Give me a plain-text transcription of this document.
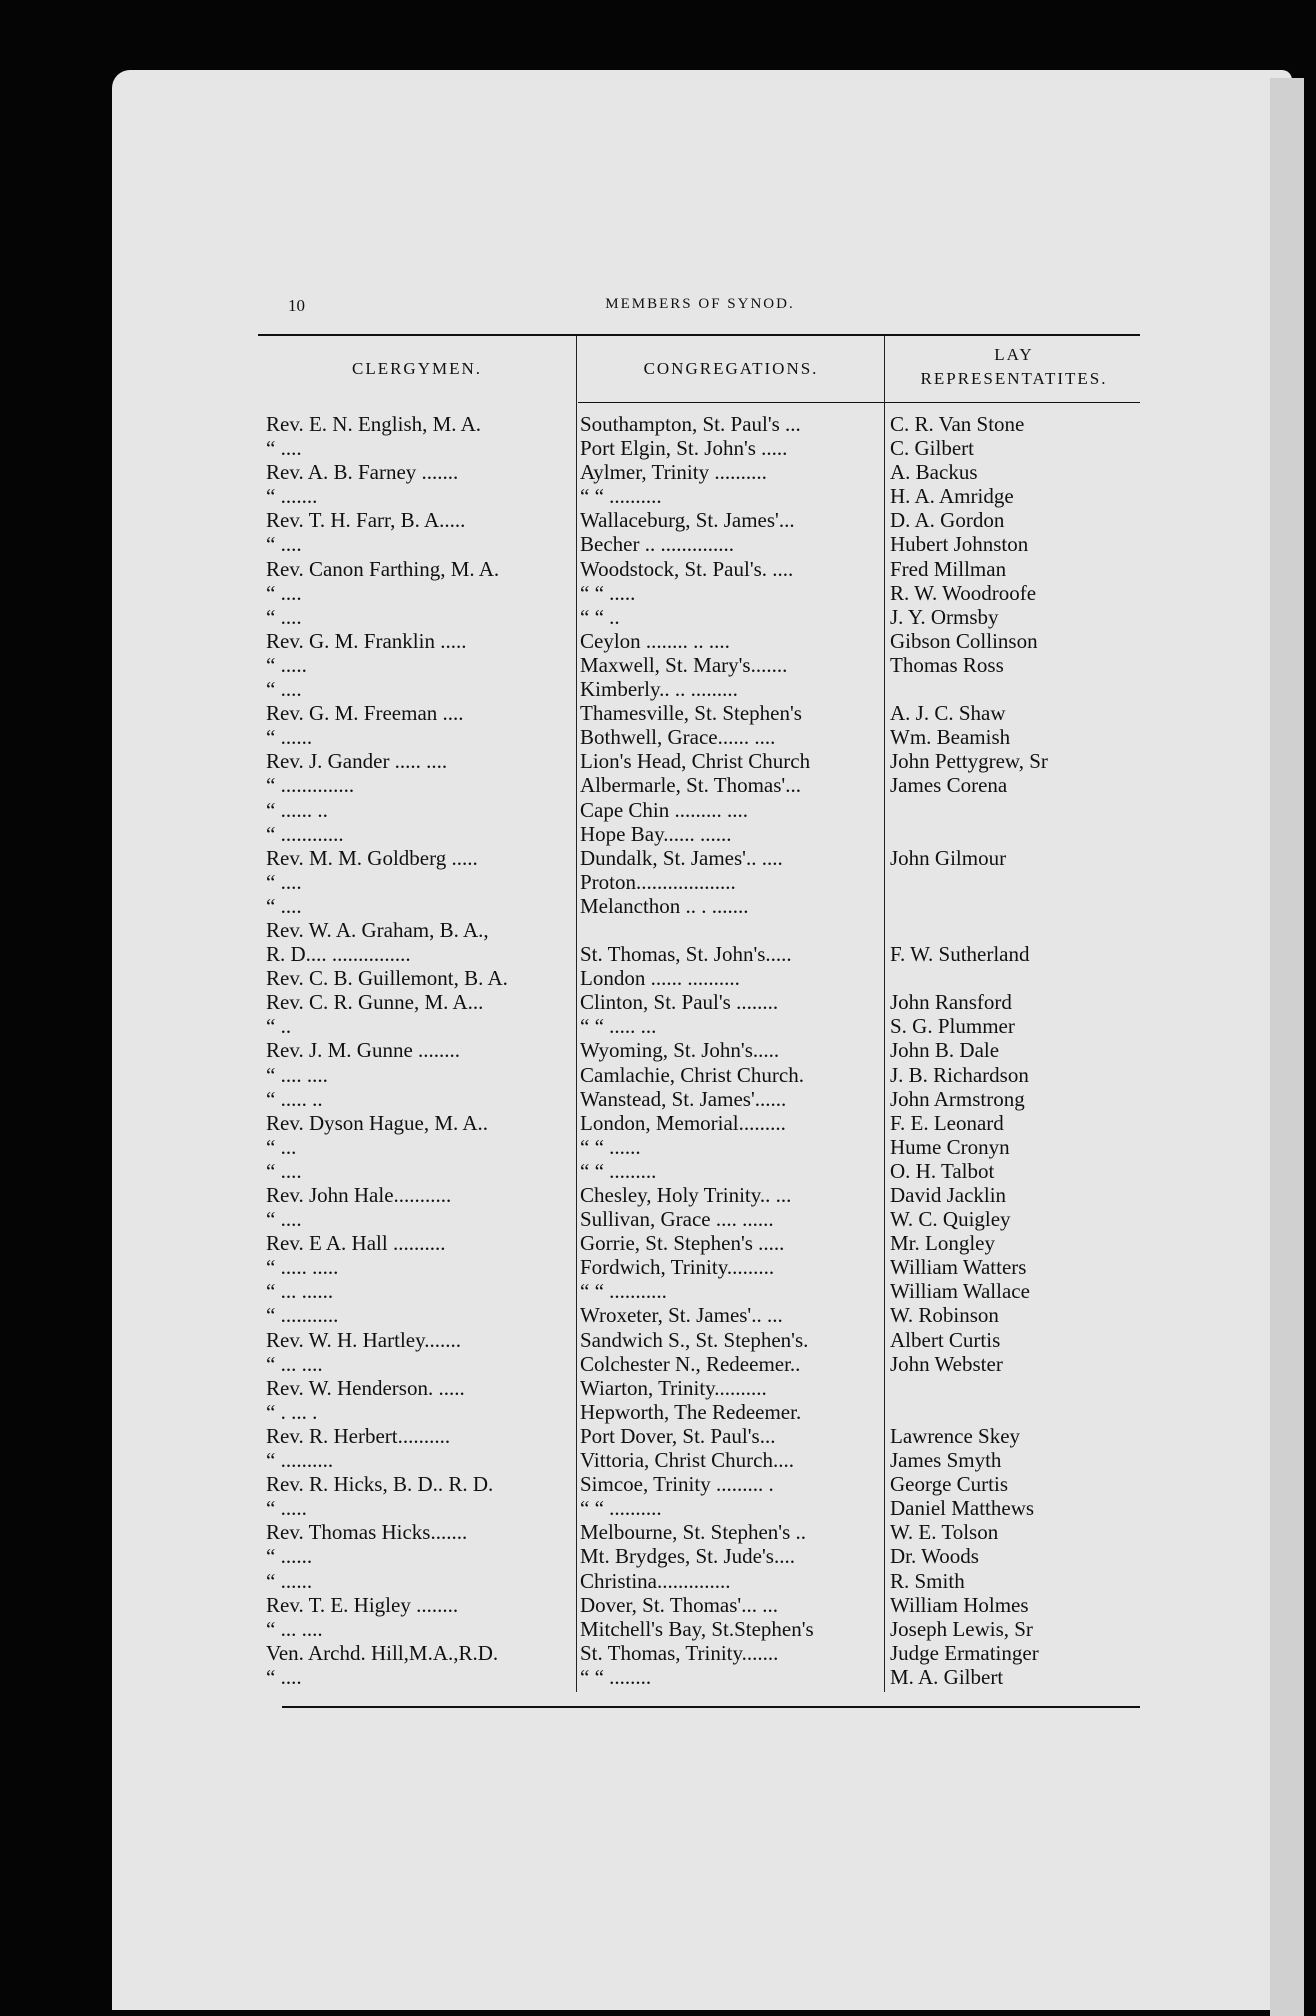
10	MEMBERS OF SYNOD.
CLERGYMEN.	CONGREGATIONS.
LAY
REPRESENTATITES.
Rev. E. N. English, M. A.
“ ....
Rev. A. B. Farney .......
“ .......
Rev. T. H. Farr, B. A.....
“ ....
Rev. Canon Farthing, M. A.
“ ....
“ ....
Rev. G. M. Franklin .....
“ .....
“ ....
Rev. G. M. Freeman ....
“ ......
Rev. J. Gander ..... ....
“ ..............
“ ...... ..
“ ............
Rev. M. M. Goldberg .....
“ ....
“ ....
Rev. W. A. Graham, B. A.,
R. D.... ...............
Rev. C. B. Guillemont, B. A.
Rev. C. R. Gunne, M. A...
“ ..
Rev. J. M. Gunne ........
“ .... ....
“ ..... ..
Rev. Dyson Hague, M. A..
“ ...
“ ....
Rev. John Hale...........
“ ....
Rev. E A. Hall ..........
“ ..... .....
“ ... ......
“ ...........
Rev. W. H. Hartley.......
“ ... ....
Rev. W. Henderson. .....
“ . ... .
Rev. R. Herbert..........
“ ..........
Rev. R. Hicks, B. D.. R. D.
“ .....
Rev. Thomas Hicks.......
“ ......
“ ......
Rev. T. E. Higley ........
“ ... ....
Ven. Archd. Hill,M.A.,R.D.
“ ....
Southampton, St. Paul's ...
Port Elgin, St. John's .....
Aylmer, Trinity ..........
“ “ ..........
Wallaceburg, St. James'...
Becher .. ..............
Woodstock, St. Paul's. ....
“ “ .....
“ “ ..
Ceylon ........ .. ....
Maxwell, St. Mary's.......
Kimberly.. .. .........
Thamesville, St. Stephen's
Bothwell, Grace...... ....
Lion's Head, Christ Church
Albermarle, St. Thomas'...
Cape Chin ......... ....
Hope Bay...... ......
Dundalk, St. James'.. ....
Proton...................
Melancthon .. . .......
St. Thomas, St. John's.....
London ...... ..........
Clinton, St. Paul's ........
“ “ ..... ...
Wyoming, St. John's.....
Camlachie, Christ Church.
Wanstead, St. James'......
London, Memorial.........
“ “ ......
“ “ .........
Chesley, Holy Trinity.. ...
Sullivan, Grace .... ......
Gorrie, St. Stephen's .....
Fordwich, Trinity.........
“ “ ...........
Wroxeter, St. James'.. ...
Sandwich S., St. Stephen's.
Colchester N., Redeemer..
Wiarton, Trinity..........
Hepworth, The Redeemer.
Port Dover, St. Paul's...
Vittoria, Christ Church....
Simcoe, Trinity ......... .
“ “ ..........
Melbourne, St. Stephen's ..
Mt. Brydges, St. Jude's....
Christina..............
Dover, St. Thomas'... ...
Mitchell's Bay, St.Stephen's
St. Thomas, Trinity.......
“ “ ........
C. R. Van Stone
C. Gilbert
A. Backus
H. A. Amridge
D. A. Gordon
Hubert Johnston
Fred Millman
R. W. Woodroofe
J. Y. Ormsby
Gibson Collinson
Thomas Ross
A. J. C. Shaw
Wm. Beamish
John Pettygrew, Sr
James Corena
John Gilmour
F. W. Sutherland
John Ransford
S. G. Plummer
John B. Dale
J. B. Richardson
John Armstrong
F. E. Leonard
Hume Cronyn
O. H. Talbot
David Jacklin
W. C. Quigley
Mr. Longley
William Watters
William Wallace
W. Robinson
Albert Curtis
John Webster
Lawrence Skey
James Smyth
George Curtis
Daniel Matthews
W. E. Tolson
Dr. Woods
R. Smith
William Holmes
Joseph Lewis, Sr
Judge Ermatinger
M. A. Gilbert
